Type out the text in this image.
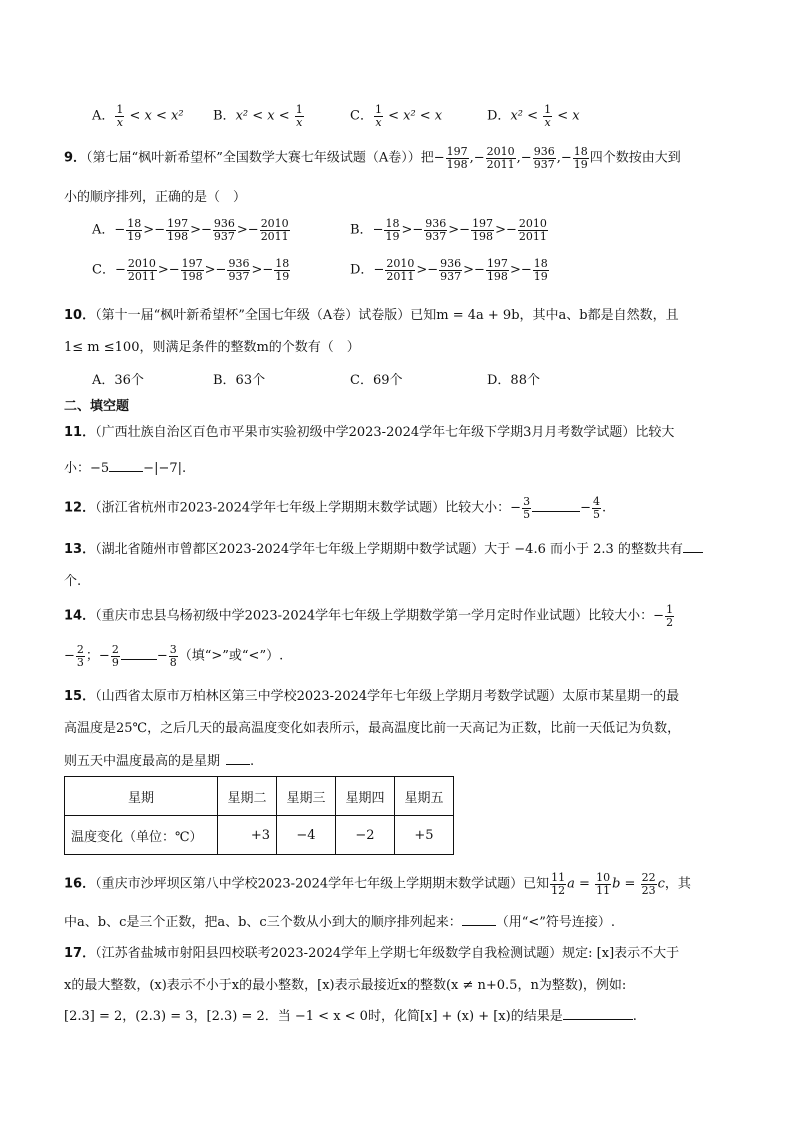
A． $\frac{1}{x} < x < x^2$ B．$x^2 < x < \frac{1}{x}$	C． $\frac{1}{x} < x^2 < x$	D．$x^2 < \frac{1}{x} < x$
9．（第七届“枫叶新希望杯”全国数学大赛七年级试题（A卷））把− $\frac{197}{198}$ ,− $\frac{2010}{2011}$ ,− $\frac{936}{937}$ ,− $\frac{18}{19}$ 四个数按由大到
小的顺序排列，正确的是（　）
A．− $\frac{18}{19} >- \frac{197}{198} >- \frac{936}{937} >- \frac{2010}{2011}$	B．− $\frac{18}{19} >- \frac{936}{937} >- \frac{197}{198} >- \frac{2010}{2011}$
C．− $\frac{2010}{2011} >- \frac{197}{198} >- \frac{936}{937} >- \frac{18}{19}$	D．− $\frac{2010}{2011} >- \frac{936}{937} >- \frac{197}{198} >- \frac{18}{19}$
10．（第十一届“枫叶新希望杯”全国七年级（A卷）试卷版）已知m = 4a + 9b，其中a、b都是自然数，且
1≤ m ≤100，则满足条件的整数m的个数有（　）
A．36个	B．63个	C．69个	D．88个
二、填空题
11．（广西壮族自治区百色市平果市实验初级中学2023-2024学年七年级下学期3月月考数学试题）比较大
小：−5	−|−7|.
12．（浙江省杭州市2023-2024学年七年级上学期期末数学试题）比较大小：− $\frac{3}{5}$	− $\frac{4}{5}$ .
13．（湖北省随州市曾都区2023-2024学年七年级上学期期中数学试题）大于 −4.6 而小于 2.3 的整数共有
个.
14．（重庆市忠县乌杨初级中学2023-2024学年七年级上学期数学第一学月定时作业试题）比较大小：− $\frac{1}{2}$
− $\frac{2}{3}$ ；− $\frac{2}{9}$	− $\frac{3}{8}$ （填“>”或“<”）.
15．（山西省太原市万柏林区第三中学校2023-2024学年七年级上学期月考数学试题）太原市某星期一的最
高温度是25℃，之后几天的最高温度变化如表所示，最高温度比前一天高记为正数，比前一天低记为负数，
则五天中温度最高的是星期 .
星期	星期二	星期三	星期四	星期五
温度变化（单位：℃）	+3	−4	−2	+5
16．（重庆市沙坪坝区第八中学校2023-2024学年七年级上学期期末数学试题）已知 $\frac{11}{12}$ $a = \frac{10}{11}$ $b = \frac{22}{23}$ c，其
中a、b、c是三个正数，把a、b、c三个数从小到大的顺序排列起来：	（用“<”符号连接）.
17．（江苏省盐城市射阳县四校联考2023-2024学年上学期七年级数学自我检测试题）规定: [x]表示不大于
x的最大整数，(x)表示不小于x的最小整数，[x)表示最接近x的整数(x ≠ n+0.5，n为整数)，例如:
[2.3] = 2，(2.3) = 3，[2.3) = 2．当 −1 < x < 0时，化简[x] + (x) + [x)的结果是	.
